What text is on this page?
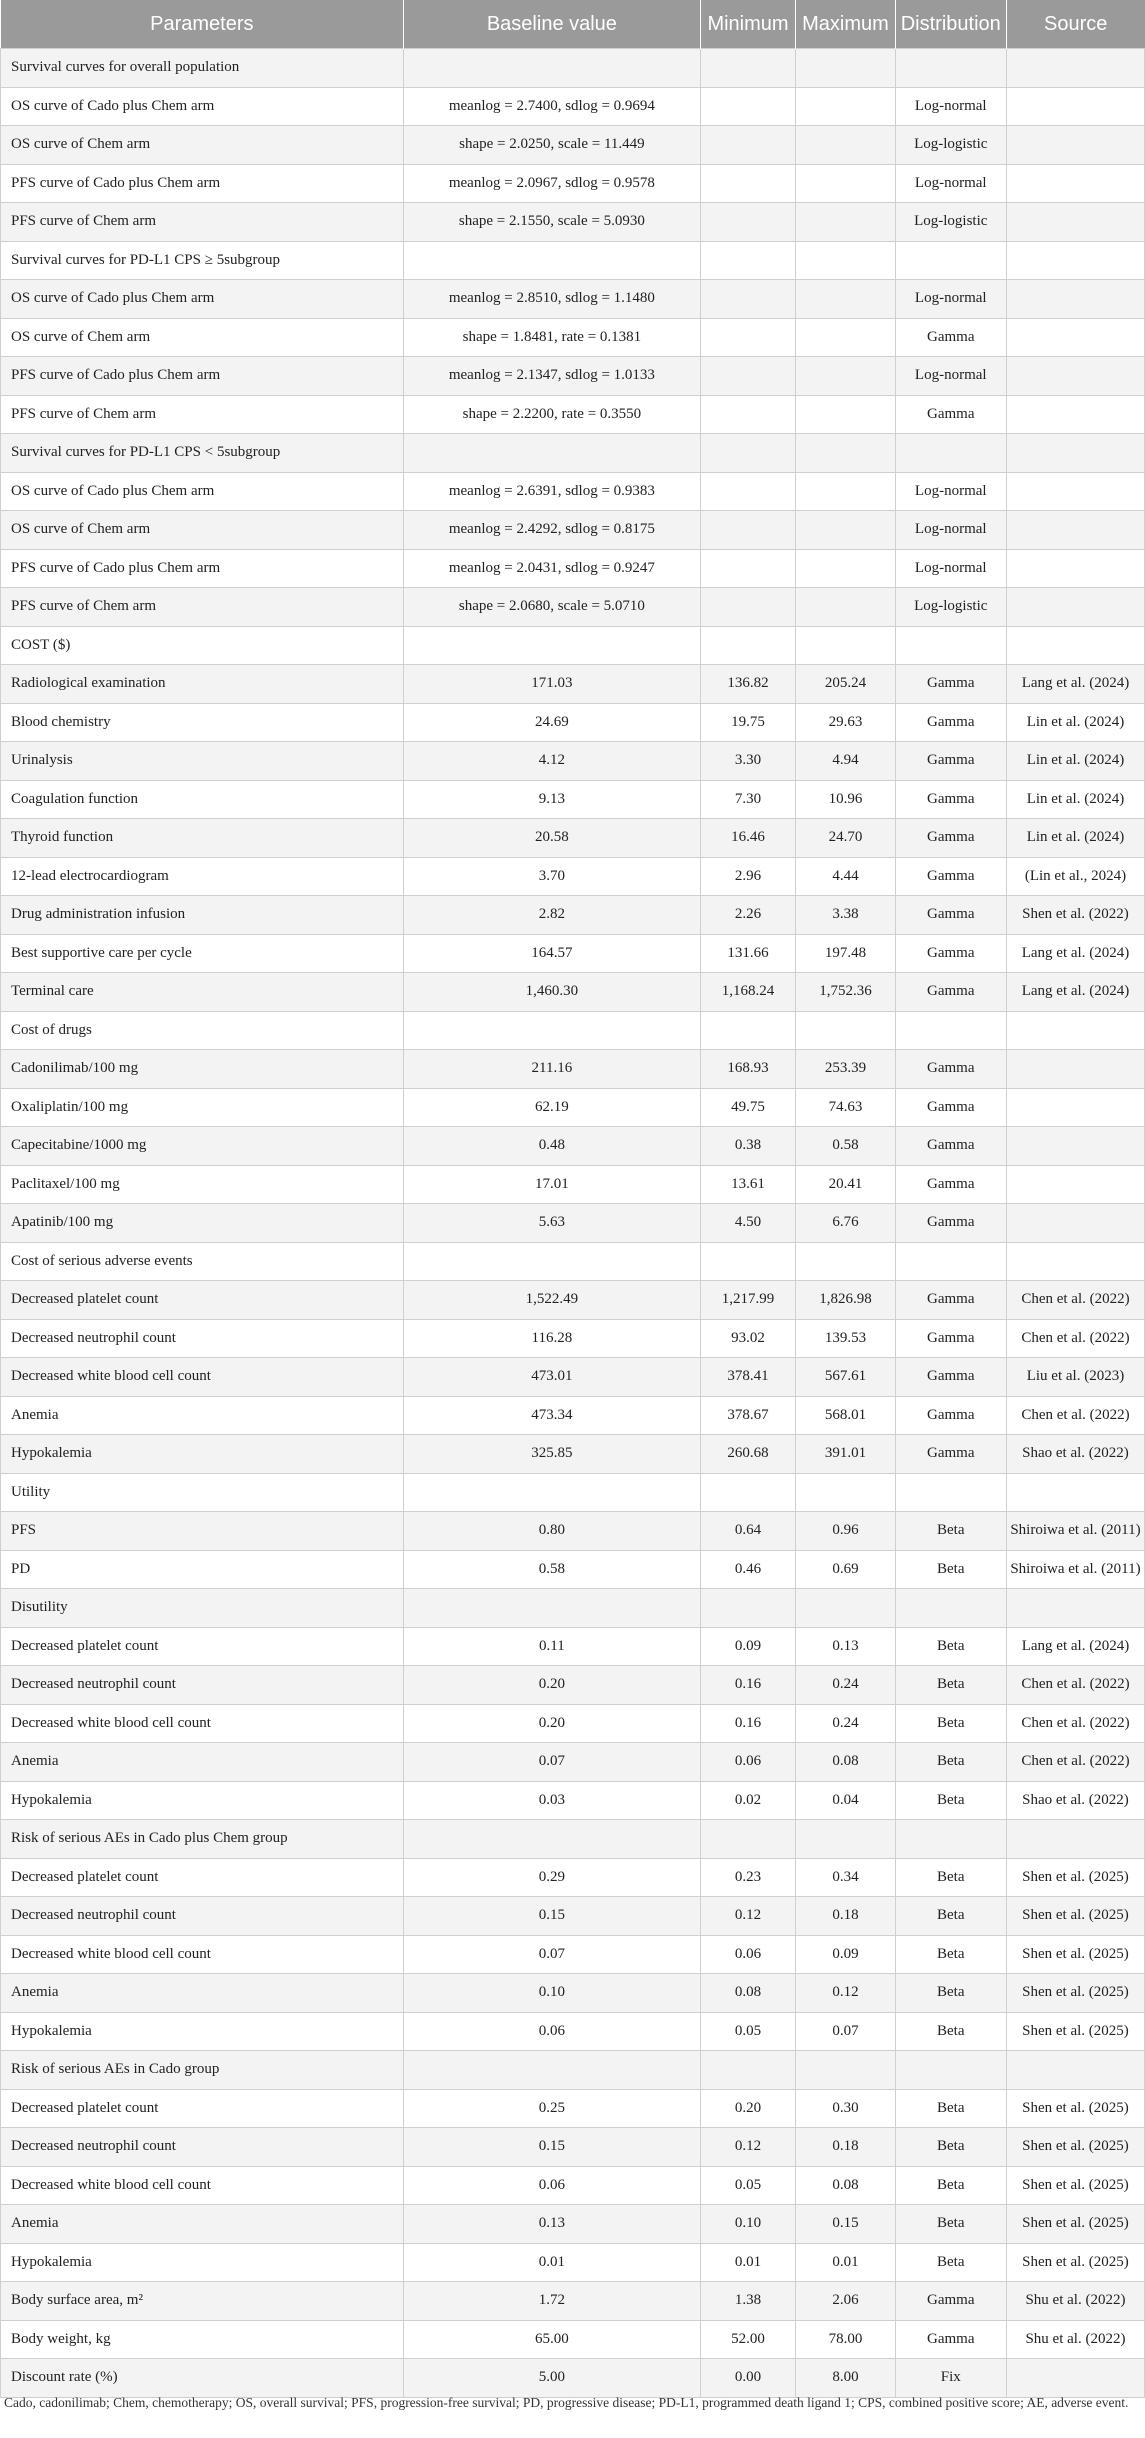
Parameters	Baseline value	Minimum	Maximum	Distribution	Source
Survival curves for overall population					
OS curve of Cado plus Chem arm	meanlog = 2.7400, sdlog = 0.9694			Log-normal	
OS curve of Chem arm	shape = 2.0250, scale = 11.449			Log-logistic	
PFS curve of Cado plus Chem arm	meanlog = 2.0967, sdlog = 0.9578			Log-normal	
PFS curve of Chem arm	shape = 2.1550, scale = 5.0930			Log-logistic	
Survival curves for PD-L1 CPS ≥ 5subgroup					
OS curve of Cado plus Chem arm	meanlog = 2.8510, sdlog = 1.1480			Log-normal	
OS curve of Chem arm	shape = 1.8481, rate = 0.1381			Gamma	
PFS curve of Cado plus Chem arm	meanlog = 2.1347, sdlog = 1.0133			Log-normal	
PFS curve of Chem arm	shape = 2.2200, rate = 0.3550			Gamma	
Survival curves for PD-L1 CPS < 5subgroup					
OS curve of Cado plus Chem arm	meanlog = 2.6391, sdlog = 0.9383			Log-normal	
OS curve of Chem arm	meanlog = 2.4292, sdlog = 0.8175			Log-normal	
PFS curve of Cado plus Chem arm	meanlog = 2.0431, sdlog = 0.9247			Log-normal	
PFS curve of Chem arm	shape = 2.0680, scale = 5.0710			Log-logistic	
COST ($)					
Radiological examination	171.03	136.82	205.24	Gamma	Lang et al. (2024)
Blood chemistry	24.69	19.75	29.63	Gamma	Lin et al. (2024)
Urinalysis	4.12	3.30	4.94	Gamma	Lin et al. (2024)
Coagulation function	9.13	7.30	10.96	Gamma	Lin et al. (2024)
Thyroid function	20.58	16.46	24.70	Gamma	Lin et al. (2024)
12-lead electrocardiogram	3.70	2.96	4.44	Gamma	(Lin et al., 2024)
Drug administration infusion	2.82	2.26	3.38	Gamma	Shen et al. (2022)
Best supportive care per cycle	164.57	131.66	197.48	Gamma	Lang et al. (2024)
Terminal care	1,460.30	1,168.24	1,752.36	Gamma	Lang et al. (2024)
Cost of drugs					
Cadonilimab/100 mg	211.16	168.93	253.39	Gamma	
Oxaliplatin/100 mg	62.19	49.75	74.63	Gamma	
Capecitabine/1000 mg	0.48	0.38	0.58	Gamma	
Paclitaxel/100 mg	17.01	13.61	20.41	Gamma	
Apatinib/100 mg	5.63	4.50	6.76	Gamma	
Cost of serious adverse events					
Decreased platelet count	1,522.49	1,217.99	1,826.98	Gamma	Chen et al. (2022)
Decreased neutrophil count	116.28	93.02	139.53	Gamma	Chen et al. (2022)
Decreased white blood cell count	473.01	378.41	567.61	Gamma	Liu et al. (2023)
Anemia	473.34	378.67	568.01	Gamma	Chen et al. (2022)
Hypokalemia	325.85	260.68	391.01	Gamma	Shao et al. (2022)
Utility					
PFS	0.80	0.64	0.96	Beta	Shiroiwa et al. (2011)
PD	0.58	0.46	0.69	Beta	Shiroiwa et al. (2011)
Disutility					
Decreased platelet count	0.11	0.09	0.13	Beta	Lang et al. (2024)
Decreased neutrophil count	0.20	0.16	0.24	Beta	Chen et al. (2022)
Decreased white blood cell count	0.20	0.16	0.24	Beta	Chen et al. (2022)
Anemia	0.07	0.06	0.08	Beta	Chen et al. (2022)
Hypokalemia	0.03	0.02	0.04	Beta	Shao et al. (2022)
Risk of serious AEs in Cado plus Chem group					
Decreased platelet count	0.29	0.23	0.34	Beta	Shen et al. (2025)
Decreased neutrophil count	0.15	0.12	0.18	Beta	Shen et al. (2025)
Decreased white blood cell count	0.07	0.06	0.09	Beta	Shen et al. (2025)
Anemia	0.10	0.08	0.12	Beta	Shen et al. (2025)
Hypokalemia	0.06	0.05	0.07	Beta	Shen et al. (2025)
Risk of serious AEs in Cado group					
Decreased platelet count	0.25	0.20	0.30	Beta	Shen et al. (2025)
Decreased neutrophil count	0.15	0.12	0.18	Beta	Shen et al. (2025)
Decreased white blood cell count	0.06	0.05	0.08	Beta	Shen et al. (2025)
Anemia	0.13	0.10	0.15	Beta	Shen et al. (2025)
Hypokalemia	0.01	0.01	0.01	Beta	Shen et al. (2025)
Body surface area, m²	1.72	1.38	2.06	Gamma	Shu et al. (2022)
Body weight, kg	65.00	52.00	78.00	Gamma	Shu et al. (2022)
Discount rate (%)	5.00	0.00	8.00	Fix	
Cado, cadonilimab; Chem, chemotherapy; OS, overall survival; PFS, progression-free survival; PD, progressive disease; PD-L1, programmed death ligand 1; CPS, combined positive score; AE, adverse event.
